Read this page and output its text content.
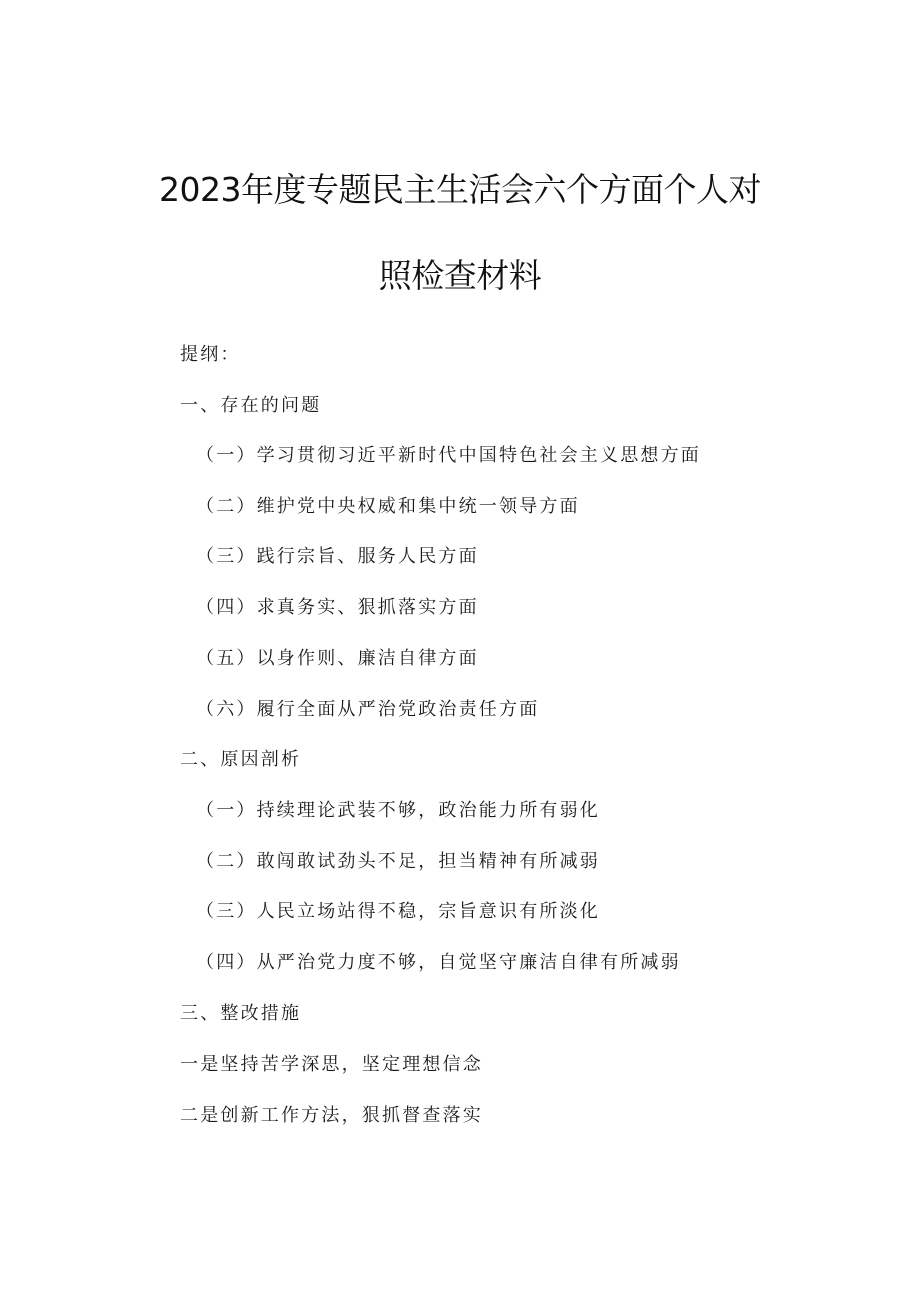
2023年度专题民主生活会六个方面个人对
照检查材料
提纲：
一、存在的问题
（一）学习贯彻习近平新时代中国特色社会主义思想方面
（二）维护党中央权威和集中统一领导方面
（三）践行宗旨、服务人民方面
（四）求真务实、狠抓落实方面
（五）以身作则、廉洁自律方面
（六）履行全面从严治党政治责任方面
二、原因剖析
（一）持续理论武装不够，政治能力所有弱化
（二）敢闯敢试劲头不足，担当精神有所减弱
（三）人民立场站得不稳，宗旨意识有所淡化
（四）从严治党力度不够，自觉坚守廉洁自律有所减弱
三、整改措施
一是坚持苦学深思，坚定理想信念
二是创新工作方法，狠抓督查落实
